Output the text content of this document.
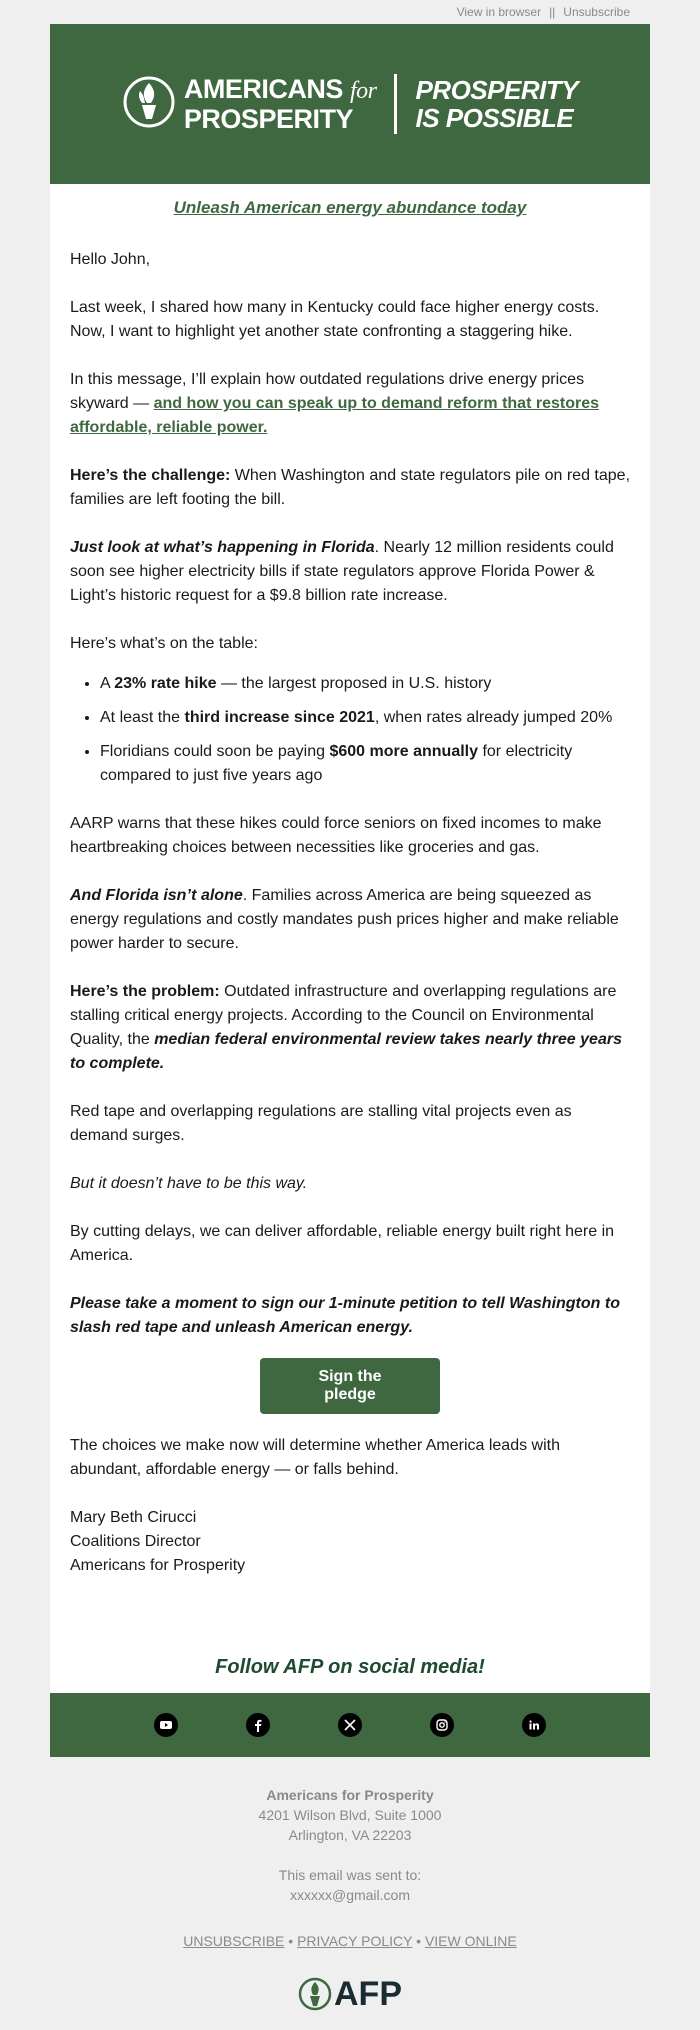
View in browser || Unsubscribe
AMERICANS for
PROSPERITY
PROSPERITY
IS POSSIBLE
Unleash American energy abundance today

Hello John,

Last week, I shared how many in Kentucky could face higher energy costs. Now, I want to highlight yet another state confronting a staggering hike.

In this message, I’ll explain how outdated regulations drive energy prices skyward — and how you can speak up to demand reform that restores affordable, reliable power.

Here’s the challenge: When Washington and state regulators pile on red tape, families are left footing the bill.

Just look at what’s happening in Florida. Nearly 12 million residents could soon see higher electricity bills if state regulators approve Florida Power & Light’s historic request for a $9.8 billion rate increase.

Here’s what’s on the table:

• A 23% rate hike — the largest proposed in U.S. history
• At least the third increase since 2021, when rates already jumped 20%
• Floridians could soon be paying $600 more annually for electricity compared to just five years ago

AARP warns that these hikes could force seniors on fixed incomes to make heartbreaking choices between necessities like groceries and gas.

And Florida isn’t alone. Families across America are being squeezed as energy regulations and costly mandates push prices higher and make reliable power harder to secure.

Here’s the problem: Outdated infrastructure and overlapping regulations are stalling critical energy projects. According to the Council on Environmental Quality, the median federal environmental review takes nearly three years to complete.

Red tape and overlapping regulations are stalling vital projects even as demand surges.

But it doesn’t have to be this way.

By cutting delays, we can deliver affordable, reliable energy built right here in America.

Please take a moment to sign our 1-minute petition to tell Washington to slash red tape and unleash American energy.

Sign the pledge

The choices we make now will determine whether America leads with abundant, affordable energy — or falls behind.

Mary Beth Cirucci

Coalitions Director

Americans for Prosperity

Follow AFP on social media!
Americans for Prosperity
4201 Wilson Blvd, Suite 1000
Arlington, VA 22203
This email was sent to:
xxxxxx@gmail.com
UNSUBSCRIBE • PRIVACY POLICY • VIEW ONLINE
AFP
